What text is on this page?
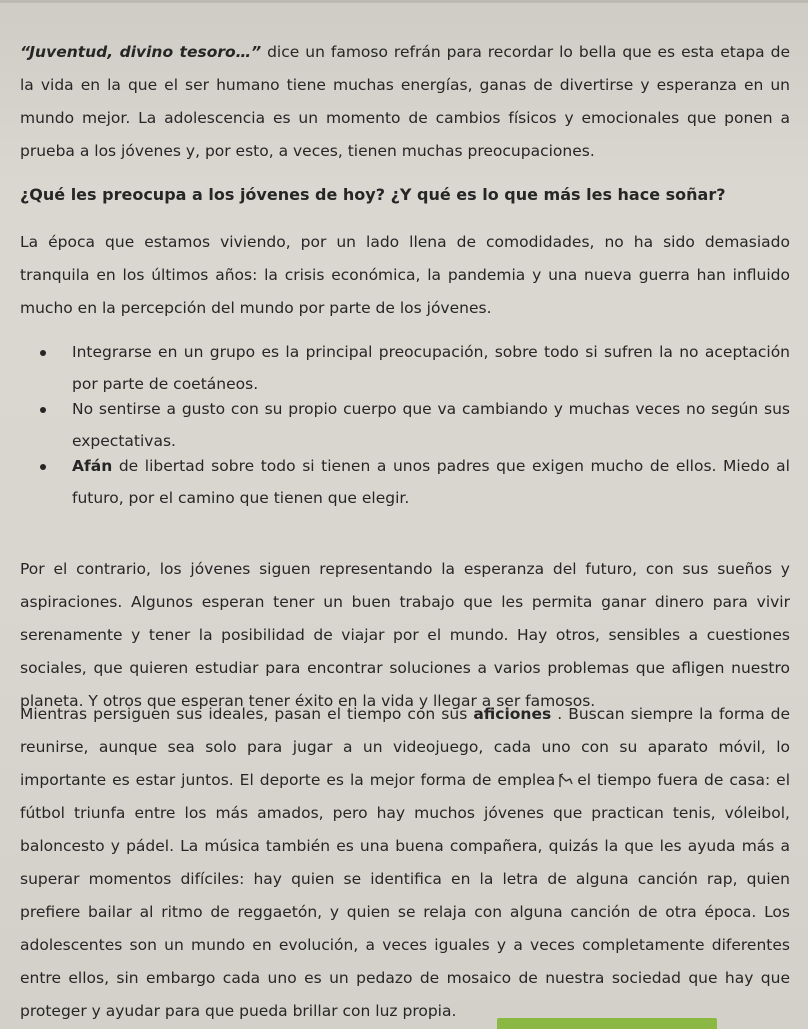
“Juventud, divino tesoro…” dice un famoso refrán para recordar lo bella que es esta etapa de la vida en la que el ser humano tiene muchas energías, ganas de divertirse y esperanza en un mundo mejor. La adolescencia es un momento de cambios físicos y emocionales que ponen a prueba a los jóvenes y, por esto, a veces, tienen muchas preocupaciones.
¿Qué les preocupa a los jóvenes de hoy? ¿Y qué es lo que más les hace soñar?
La época que estamos viviendo, por un lado llena de comodidades, no ha sido demasiado tranquila en los últimos años: la crisis económica, la pandemia y una nueva guerra han influido mucho en la percepción del mundo por parte de los jóvenes.
Integrarse en un grupo es la principal preocupación, sobre todo si sufren la no aceptación por parte de coetáneos.
No sentirse a gusto con su propio cuerpo que va cambiando y muchas veces no según sus expectativas.
Afán de libertad sobre todo si tienen a unos padres que exigen mucho de ellos. Miedo al futuro, por el camino que tienen que elegir.
Por el contrario, los jóvenes siguen representando la esperanza del futuro, con sus sueños y aspiraciones. Algunos esperan tener un buen trabajo que les permita ganar dinero para vivir serenamente y tener la posibilidad de viajar por el mundo. Hay otros, sensibles a cuestiones sociales, que quieren estudiar para encontrar soluciones a varios problemas que afligen nuestro planeta. Y otros que esperan tener éxito en la vida y llegar a ser famosos.
Mientras persiguen sus ideales, pasan el tiempo con sus aficiones . Buscan siempre la forma de reunirse, aunque sea solo para jugar a un videojuego, cada uno con su aparato móvil, lo importante es estar juntos. El deporte es la mejor forma de emplea el tiempo fuera de casa: el fútbol triunfa entre los más amados, pero hay muchos jóvenes que practican tenis, vóleibol, baloncesto y pádel. La música también es una buena compañera, quizás la que les ayuda más a superar momentos difíciles: hay quien se identifica en la letra de alguna canción rap, quien prefiere bailar al ritmo de reggaetón, y quien se relaja con alguna canción de otra época. Los adolescentes son un mundo en evolución, a veces iguales y a veces completamente diferentes entre ellos, sin embargo cada uno es un pedazo de mosaico de nuestra sociedad que hay que proteger y ayudar para que pueda brillar con luz propia.
